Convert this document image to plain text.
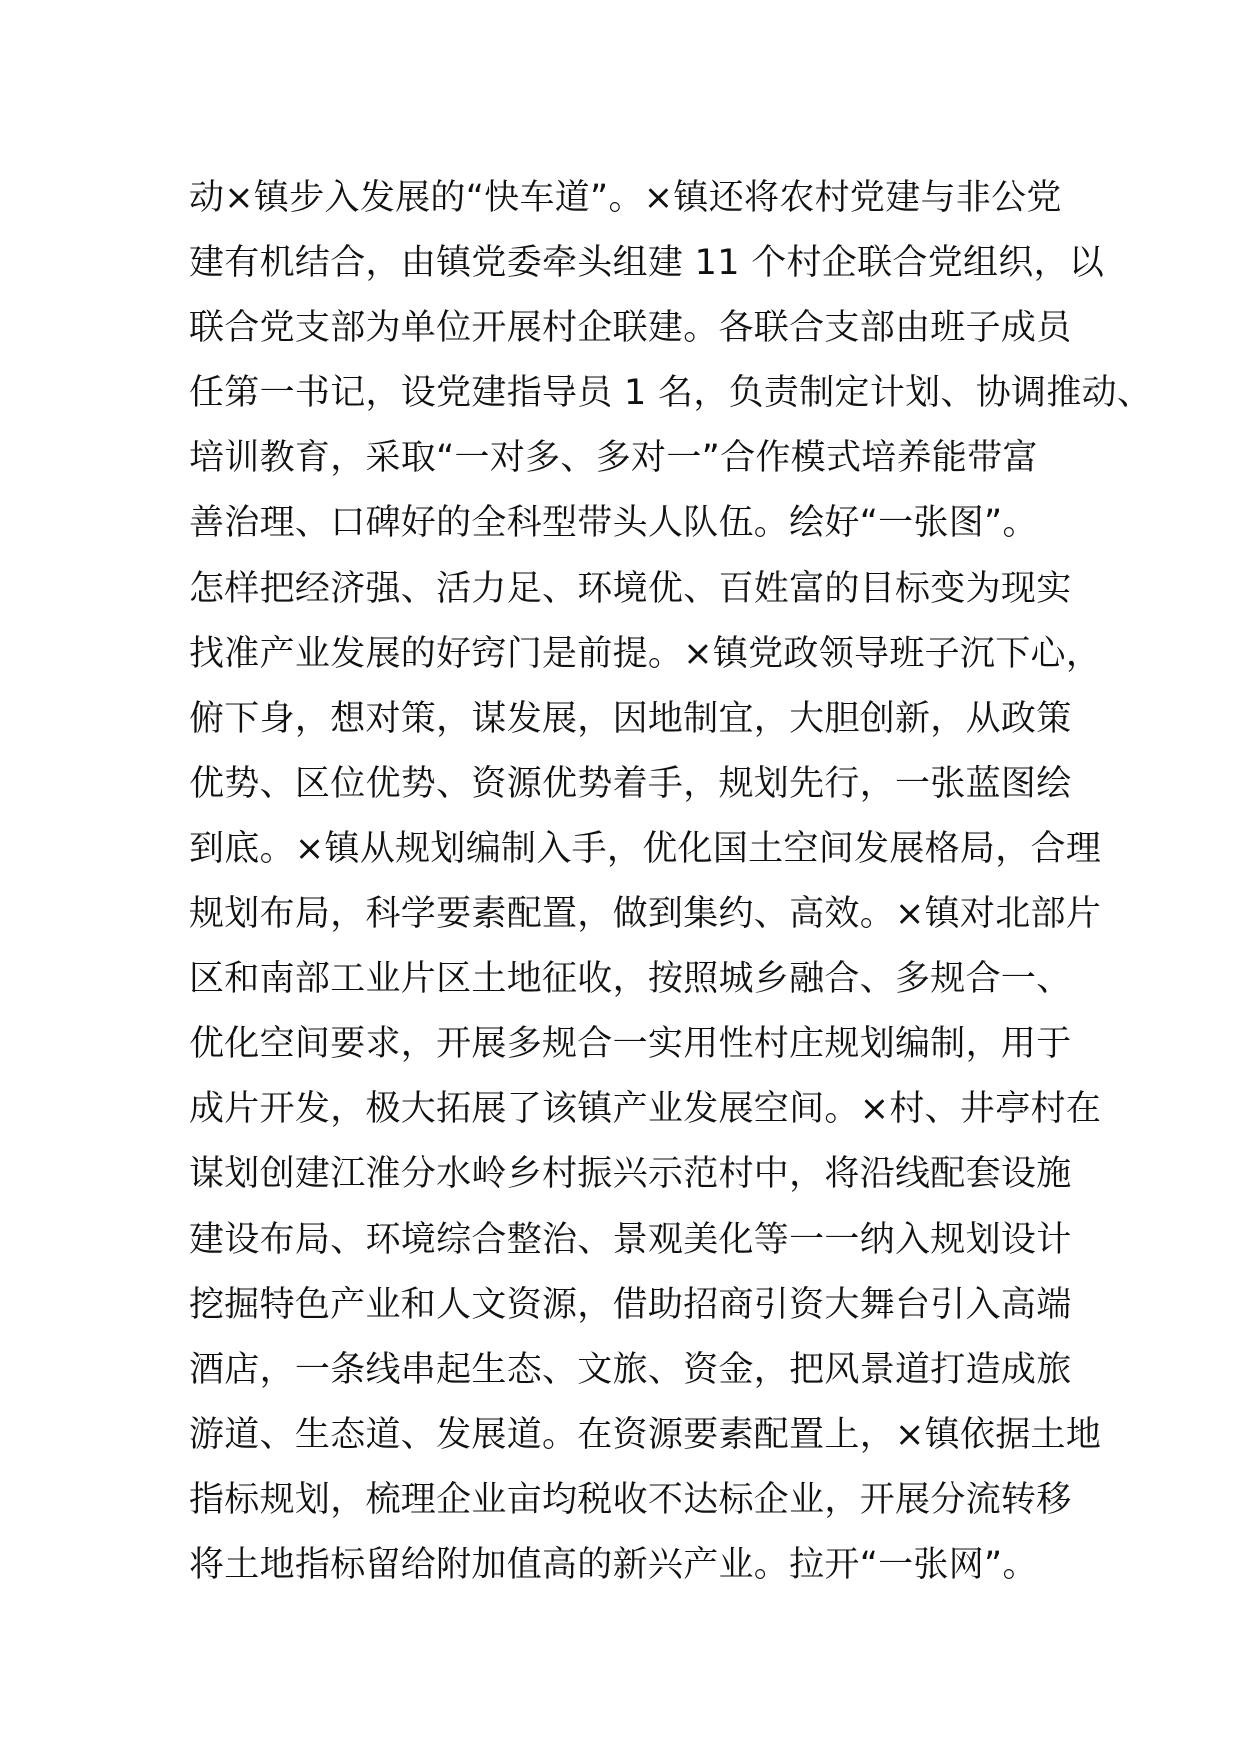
动×镇步入发展的“快车道”。×镇还将农村党建与非公党
建有机结合，由镇党委牵头组建 11 个村企联合党组织，以
联合党支部为单位开展村企联建。各联合支部由班子成员
任第一书记，设党建指导员 1 名，负责制定计划、协调推动、
培训教育，采取“一对多、多对一”合作模式培养能带富
善治理、口碑好的全科型带头人队伍。绘好“一张图”。
怎样把经济强、活力足、环境优、百姓富的目标变为现实
找准产业发展的好窍门是前提。×镇党政领导班子沉下心，
俯下身，想对策，谋发展，因地制宜，大胆创新，从政策
优势、区位优势、资源优势着手，规划先行，一张蓝图绘
到底。×镇从规划编制入手，优化国土空间发展格局，合理
规划布局，科学要素配置，做到集约、高效。×镇对北部片
区和南部工业片区土地征收，按照城乡融合、多规合一、
优化空间要求，开展多规合一实用性村庄规划编制，用于
成片开发，极大拓展了该镇产业发展空间。×村、井亭村在
谋划创建江淮分水岭乡村振兴示范村中，将沿线配套设施
建设布局、环境综合整治、景观美化等一一纳入规划设计
挖掘特色产业和人文资源，借助招商引资大舞台引入高端
酒店，一条线串起生态、文旅、资金，把风景道打造成旅
游道、生态道、发展道。在资源要素配置上，×镇依据土地
指标规划，梳理企业亩均税收不达标企业，开展分流转移
将土地指标留给附加值高的新兴产业。拉开“一张网”。
